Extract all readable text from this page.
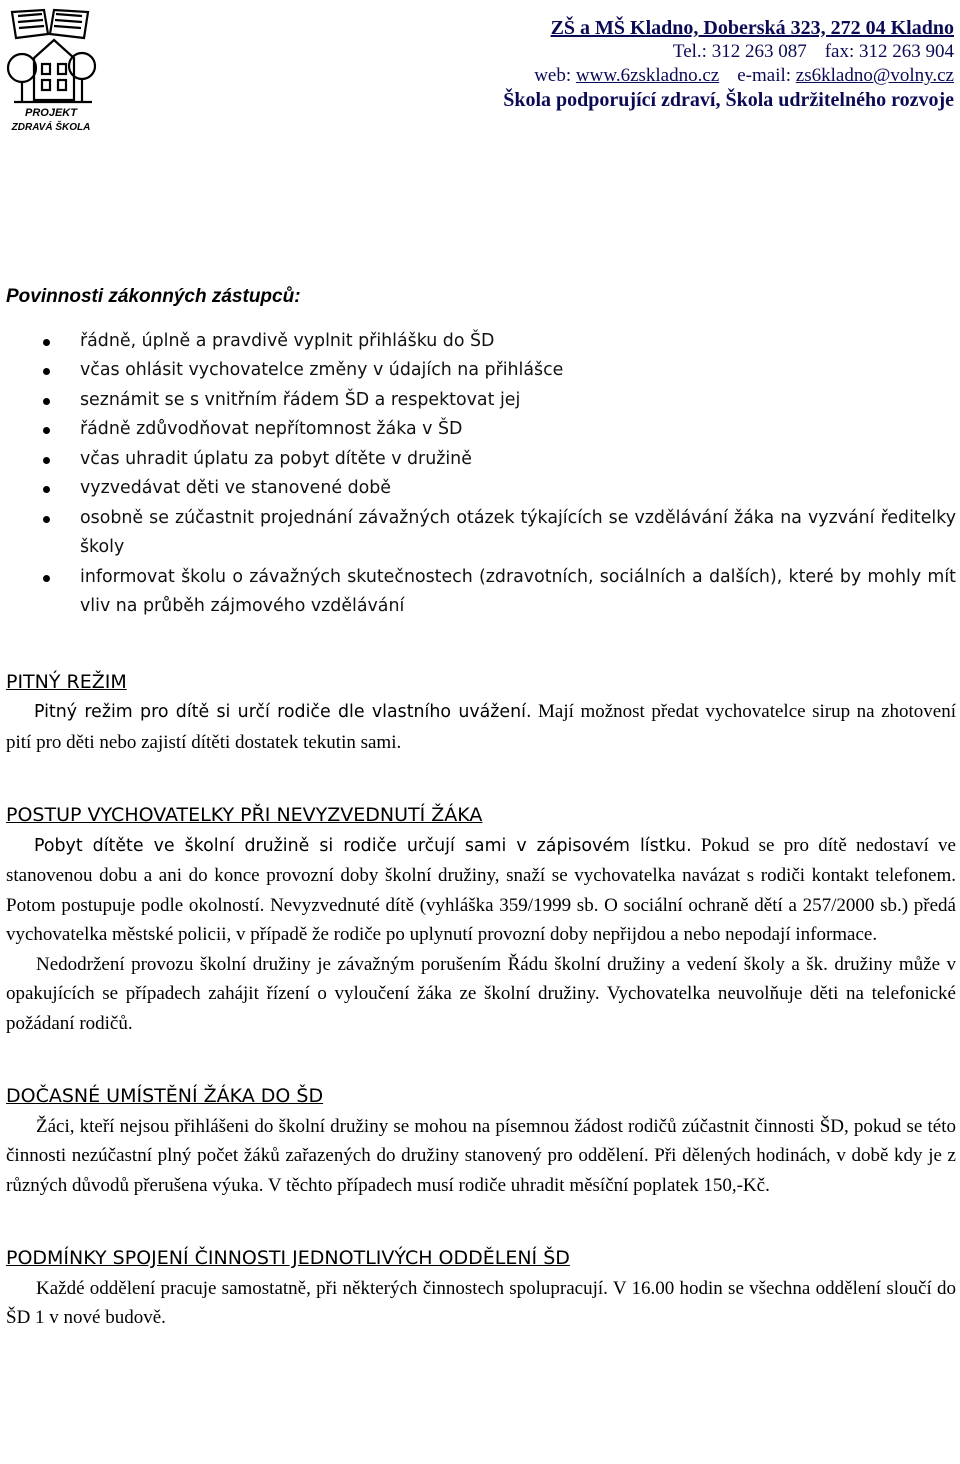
PROJEKT
ZDRAVÁ ŠKOLA
ZŠ a MŠ Kladno, Doberská 323, 272 04 Kladno
Tel.: 312 263 087 fax: 312 263 904
web: www.6zskladno.cz e-mail: zs6kladno@volny.cz
Škola podporující zdraví, Škola udržitelného rozvoje
Povinnosti zákonných zástupců:
řádně, úplně a pravdivě vyplnit přihlášku do ŠD
včas ohlásit vychovatelce změny v údajích na přihlášce
seznámit se s vnitřním řádem ŠD a respektovat jej
řádně zdůvodňovat nepřítomnost žáka v ŠD
včas uhradit úplatu za pobyt dítěte v družině
vyzvedávat děti ve stanovené době
osobně se zúčastnit projednání závažných otázek týkajících se vzdělávání žáka na vyzvání ředitelky školy
informovat školu o závažných skutečnostech (zdravotních, sociálních a dalších), které by mohly mít vliv na průběh zájmového vzdělávání
PITNÝ REŽIM

Pitný režim pro dítě si určí rodiče dle vlastního uvážení. Mají možnost předat vychovatelce sirup na zhotovení pití pro děti nebo zajistí dítěti dostatek tekutin sami.

POSTUP VYCHOVATELKY PŘI NEVYZVEDNUTÍ ŽÁKA

Pobyt dítěte ve školní družině si rodiče určují sami v zápisovém lístku. Pokud se pro dítě nedostaví ve stanovenou dobu a ani do konce provozní doby školní družiny, snaží se vychovatelka navázat s rodiči kontakt telefonem. Potom postupuje podle okolností. Nevyzvednuté dítě (vyhláška 359/1999 sb. O sociální ochraně dětí a 257/2000 sb.) předá vychovatelka městské policii, v případě že rodiče po uplynutí provozní doby nepřijdou a nebo nepodají informace.

Nedodržení provozu školní družiny je závažným porušením Řádu školní družiny a vedení školy a šk. družiny může v opakujících se případech zahájit řízení o vyloučení žáka ze školní družiny. Vychovatelka neuvolňuje děti na telefonické požádaní rodičů.

DOČASNÉ UMÍSTĚNÍ ŽÁKA DO ŠD

Žáci, kteří nejsou přihlášeni do školní družiny se mohou na písemnou žádost rodičů zúčastnit činnosti ŠD, pokud se této činnosti nezúčastní plný počet žáků zařazených do družiny stanovený pro oddělení. Při dělených hodinách, v době kdy je z různých důvodů přerušena výuka. V těchto případech musí rodiče uhradit měsíční poplatek 150,-Kč.

PODMÍNKY SPOJENÍ ČINNOSTI JEDNOTLIVÝCH ODDĚLENÍ ŠD

Každé oddělení pracuje samostatně, při některých činnostech spolupracují. V 16.00 hodin se všechna oddělení sloučí do ŠD 1 v nové budově.
